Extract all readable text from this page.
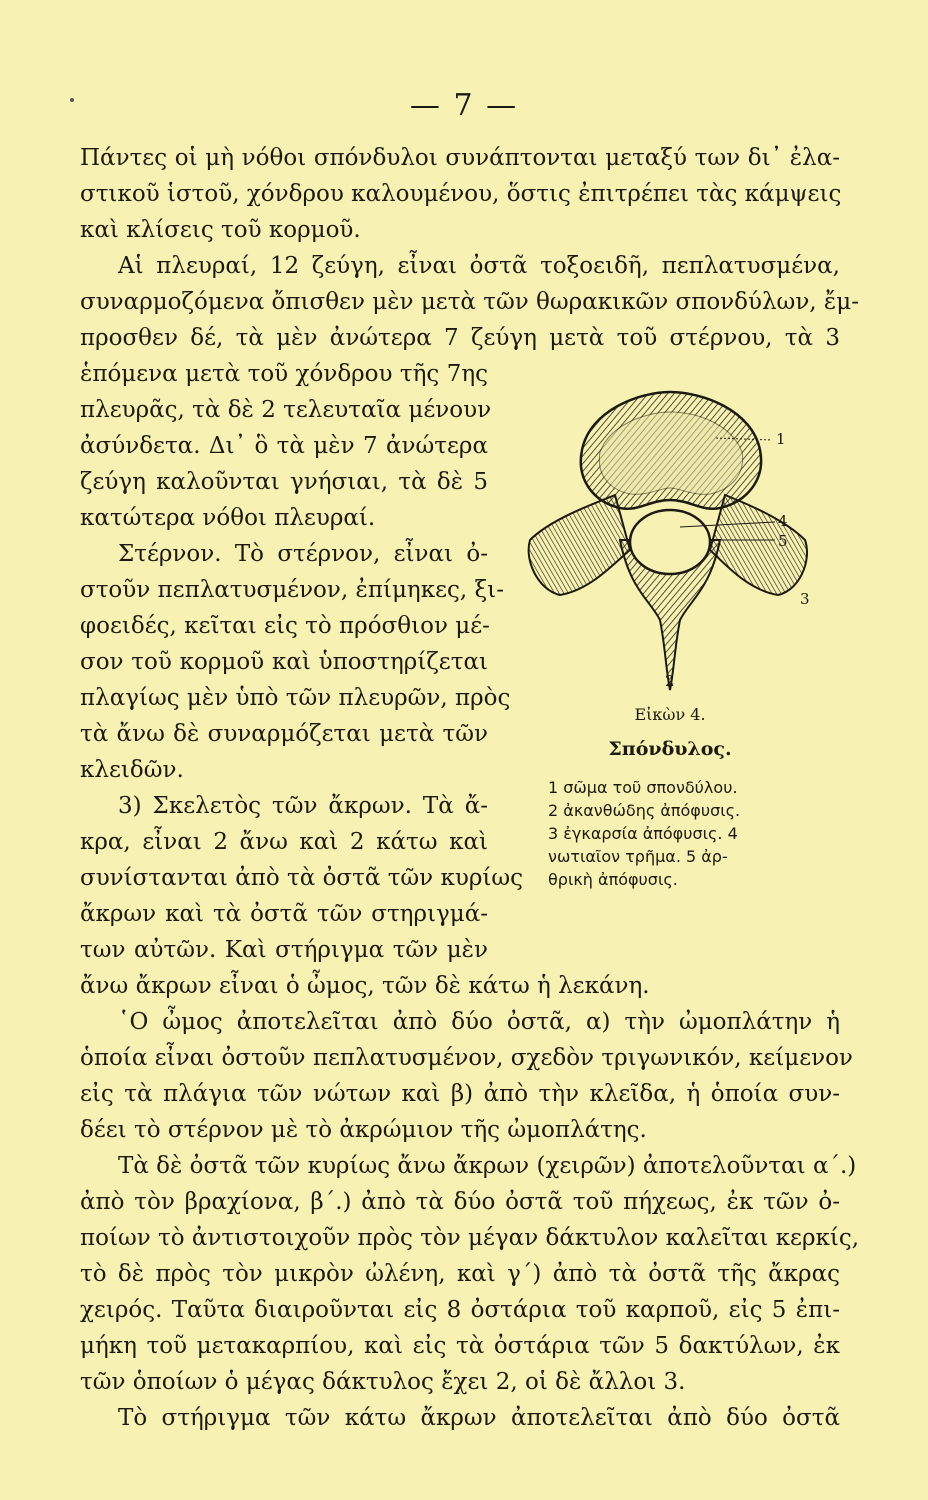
— 7 —
Πάντες οἱ μὴ νόθοι σπόνδυλοι συνάπτονται μεταξύ των δι᾽ ἐλα-
στικοῦ ἱστοῦ, χόνδρου καλουμένου, ὅστις ἐπιτρέπει τὰς κάμψεις
καὶ κλίσεις τοῦ κορμοῦ.
Αἱ πλευραί, 12 ζεύγη, εἶναι ὀστᾶ τοξοειδῆ, πεπλατυσμένα,
συναρμοζόμενα ὄπισθεν μὲν μετὰ τῶν θωρακικῶν σπονδύλων, ἔμ-
προσθεν δέ, τὰ μὲν ἀνώτερα 7 ζεύγη μετὰ τοῦ στέρνου, τὰ 3
ἑπόμενα μετὰ τοῦ χόνδρου τῆς 7ης
πλευρᾶς, τὰ δὲ 2 τελευταῖα μένουν
ἀσύνδετα. Δι᾽ ὃ τὰ μὲν 7 ἀνώτερα
ζεύγη καλοῦνται γνήσιαι, τὰ δὲ 5
κατώτερα νόθοι πλευραί.
Στέρνον. Τὸ στέρνον, εἶναι ὀ-
στοῦν πεπλατυσμένον, ἐπίμηκες, ξι-
φοειδές, κεῖται εἰς τὸ πρόσθιον μέ-
σον τοῦ κορμοῦ καὶ ὑποστηρίζεται
πλαγίως μὲν ὑπὸ τῶν πλευρῶν, πρὸς
τὰ ἄνω δὲ συναρμόζεται μετὰ τῶν
κλειδῶν.
3) Σκελετὸς τῶν ἄκρων. Τὰ ἄ-
κρα, εἶναι 2 ἄνω καὶ 2 κάτω καὶ
συνίστανται ἀπὸ τὰ ὀστᾶ τῶν κυρίως
ἄκρων καὶ τὰ ὀστᾶ τῶν στηριγμά-
των αὐτῶν. Καὶ στήριγμα τῶν μὲν
ἄνω ἄκρων εἶναι ὁ ὦμος, τῶν δὲ κάτω ἡ λεκάνη.
῾Ο ὦμος ἀποτελεῖται ἀπὸ δύο ὀστᾶ, α) τὴν ὠμοπλάτην ἡ
ὁποία εἶναι ὀστοῦν πεπλατυσμένον, σχεδὸν τριγωνικόν, κείμενον
εἰς τὰ πλάγια τῶν νώτων καὶ β) ἀπὸ τὴν κλεῖδα, ἡ ὁποία συν-
δέει τὸ στέρνον μὲ τὸ ἀκρώμιον τῆς ὠμοπλάτης.
Τὰ δὲ ὀστᾶ τῶν κυρίως ἄνω ἄκρων (χειρῶν) ἀποτελοῦνται α΄.)
ἀπὸ τὸν βραχίονα, β΄.) ἀπὸ τὰ δύο ὀστᾶ τοῦ πήχεως, ἐκ τῶν ὀ-
ποίων τὸ ἀντιστοιχοῦν πρὸς τὸν μέγαν δάκτυλον καλεῖται κερκίς,
τὸ δὲ πρὸς τὸν μικρὸν ὠλένη, καὶ γ΄) ἀπὸ τὰ ὀστᾶ τῆς ἄκρας
χειρός. Ταῦτα διαιροῦνται εἰς 8 ὀστάρια τοῦ καρποῦ, εἰς 5 ἐπι-
μήκη τοῦ μετακαρπίου, καὶ εἰς τὰ ὀστάρια τῶν 5 δακτύλων, ἐκ
τῶν ὁποίων ὁ μέγας δάκτυλος ἔχει 2, οἱ δὲ ἄλλοι 3.
Τὸ στήριγμα τῶν κάτω ἄκρων ἀποτελεῖται ἀπὸ δύο ὀστᾶ
1
4
5
3
2
Εἰκὼν 4.
Σπόνδυλος.
1 σῶμα τοῦ σπονδύλου.
2 ἀκανθώδης ἀπόφυσις.
3 ἐγκαρσία ἀπόφυσις. 4
νωτιαῖον τρῆμα. 5 ἀρ-
θρικὴ ἀπόφυσις.
